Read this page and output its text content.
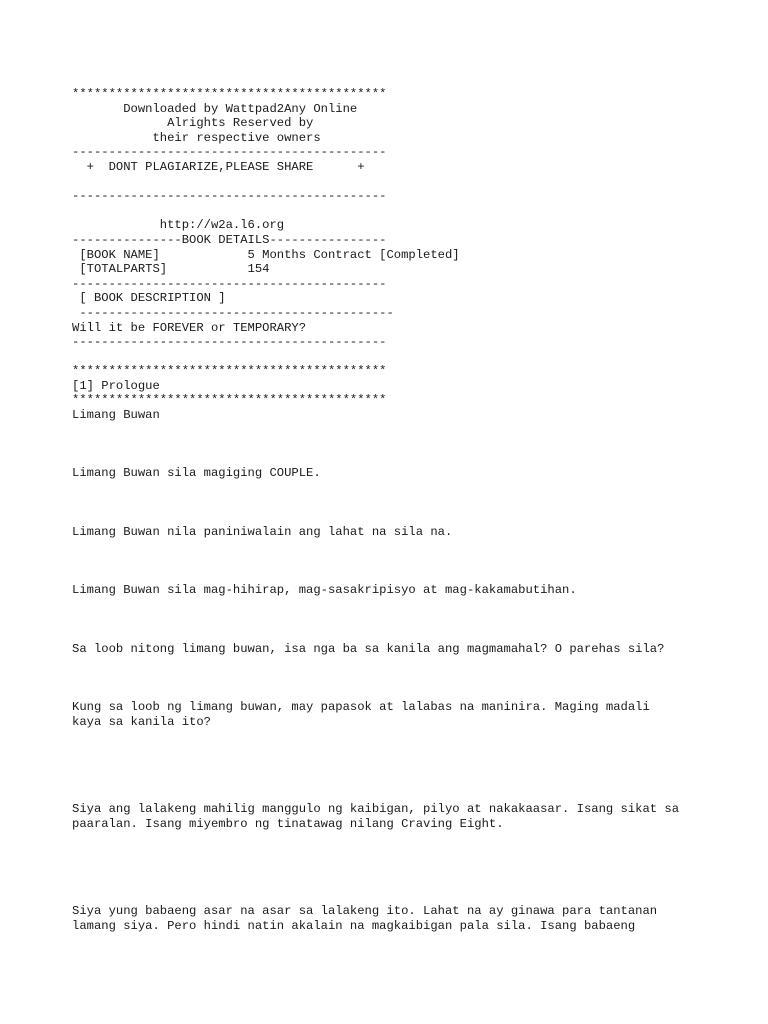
*******************************************
Downloaded by Wattpad2Any Online
Alrights Reserved by
their respective owners
-------------------------------------------
+  DONT PLAGIARIZE,PLEASE SHARE      +
-------------------------------------------
http://w2a.l6.org
---------------BOOK DETAILS----------------
[BOOK NAME]            5 Months Contract [Completed]
[TOTALPARTS]           154
-------------------------------------------
[ BOOK DESCRIPTION ]
-------------------------------------------
Will it be FOREVER or TEMPORARY?
-------------------------------------------
*******************************************
[1] Prologue
*******************************************
Limang Buwan
Limang Buwan sila magiging COUPLE.
Limang Buwan nila paniniwalain ang lahat na sila na.
Limang Buwan sila mag-hihirap, mag-sasakripisyo at mag-kakamabutihan.
Sa loob nitong limang buwan, isa nga ba sa kanila ang magmamahal? O parehas sila?
Kung sa loob ng limang buwan, may papasok at lalabas na maninira. Maging madali
kaya sa kanila ito?
Siya ang lalakeng mahilig manggulo ng kaibigan, pilyo at nakakaasar. Isang sikat sa
paaralan. Isang miyembro ng tinatawag nilang Craving Eight.
Siya yung babaeng asar na asar sa lalakeng ito. Lahat na ay ginawa para tantanan
lamang siya. Pero hindi natin akalain na magkaibigan pala sila. Isang babaeng
